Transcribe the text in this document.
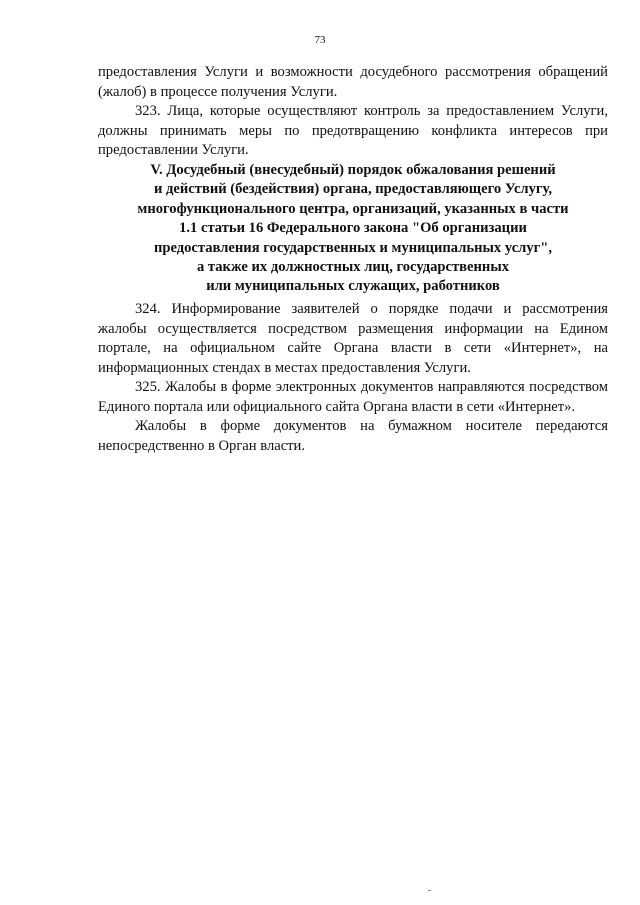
73

предоставления Услуги и возможности досудебного рассмотрения обращений (жалоб) в процессе получения Услуги.

323. Лица, которые осуществляют контроль за предоставлением Услуги, должны принимать меры по предотвращению конфликта интересов при предоставлении Услуги.

V. Досудебный (внесудебный) порядок обжалования решений
и действий (бездействия) органа, предоставляющего Услугу,
многофункционального центра, организаций, указанных в части
1.1 статьи 16 Федерального закона "Об организации
предоставления государственных и муниципальных услуг",
а также их должностных лиц, государственных
или муниципальных служащих, работников

324. Информирование заявителей о порядке подачи и рассмотрения жалобы осуществляется посредством размещения информации на Едином портале, на официальном сайте Органа власти в сети «Интернет», на информационных стендах в местах предоставления Услуги.

325. Жалобы в форме электронных документов направляются посредством Единого портала или официального сайта Органа власти в сети «Интернет».

Жалобы в форме документов на бумажном носителе передаются непосредственно в Орган власти.
